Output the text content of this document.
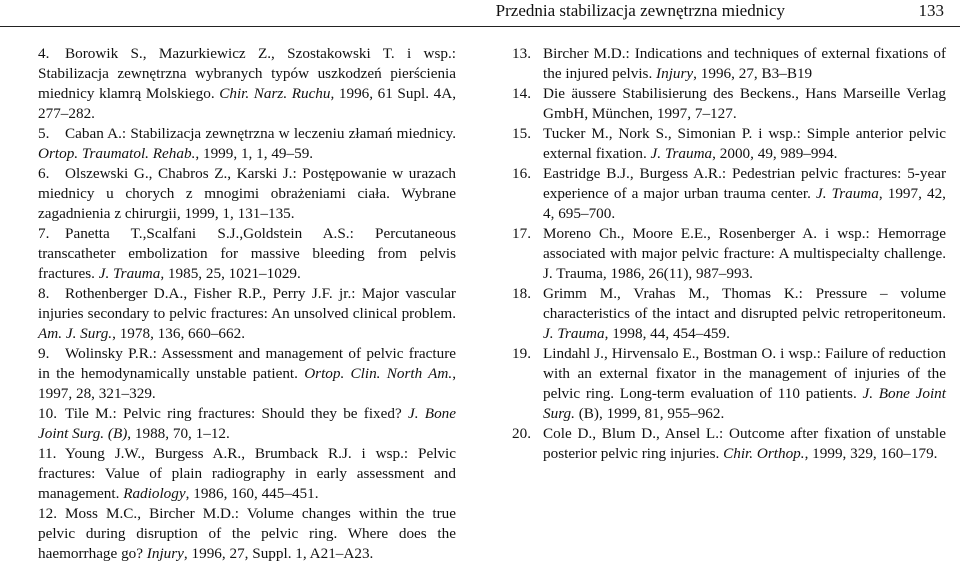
Przednia stabilizacja zewnętrzna miednicy	133

4. Borowik S., Mazurkiewicz Z., Szostakowski T. i wsp.: Stabilizacja zewnętrzna wybranych typów uszkodzeń pierścienia miednicy klamrą Molskiego. Chir. Narz. Ruchu, 1996, 61 Supl. 4A, 277–282.

5. Caban A.: Stabilizacja zewnętrzna w leczeniu złamań miednicy. Ortop. Traumatol. Rehab., 1999, 1, 1, 49–59.

6. Olszewski G., Chabros Z., Karski J.: Postępowanie w urazach miednicy u chorych z mnogimi obrażeniami ciała. Wybrane zagadnienia z chirurgii, 1999, 1, 131–135.

7. Panetta T.,Scalfani S.J.,Goldstein A.S.: Percutaneous transcatheter embolization for massive bleeding from pelvis fractures. J. Trauma, 1985, 25, 1021–1029.

8. Rothenberger D.A., Fisher R.P., Perry J.F. jr.: Major vascular injuries secondary to pelvic fractures: An unsolved clinical problem. Am. J. Surg., 1978, 136, 660–662.

9. Wolinsky P.R.: Assessment and management of pelvic fracture in the hemodynamically unstable patient. Ortop. Clin. North Am., 1997, 28, 321–329.

10. Tile M.: Pelvic ring fractures: Should they be fixed? J. Bone Joint Surg. (B), 1988, 70, 1–12.

11. Young J.W., Burgess A.R., Brumback R.J. i wsp.: Pelvic fractures: Value of plain radiography in early assessment and management. Radiology, 1986, 160, 445–451.

12. Moss M.C., Bircher M.D.: Volume changes within the true pelvic during disruption of the pelvic ring. Where does the haemorrhage go? Injury, 1996, 27, Suppl. 1, A21–A23.

13. Bircher M.D.: Indications and techniques of external fixations of the injured pelvis. Injury, 1996, 27, B3–B19

14. Die äussere Stabilisierung des Beckens., Hans Marseille Verlag GmbH, München, 1997, 7–127.

15. Tucker M., Nork S., Simonian P. i wsp.: Simple anterior pelvic external fixation. J. Trauma, 2000, 49, 989–994.

16. Eastridge B.J., Burgess A.R.: Pedestrian pelvic fractures: 5-year experience of a major urban trauma center. J. Trauma, 1997, 42, 4, 695–700.

17. Moreno Ch., Moore E.E., Rosenberger A. i wsp.: Hemorrage associated with major pelvic fracture: A multispecialty challenge. J. Trauma, 1986, 26(11), 987–993.

18. Grimm M., Vrahas M., Thomas K.: Pressure – volume characteristics of the intact and disrupted pelvic retroperitoneum. J. Trauma, 1998, 44, 454–459.

19. Lindahl J., Hirvensalo E., Bostman O. i wsp.: Failure of reduction with an external fixator in the management of injuries of the pelvic ring. Long-term evaluation of 110 patients. J. Bone Joint Surg. (B), 1999, 81, 955–962.

20. Cole D., Blum D., Ansel L.: Outcome after fixation of unstable posterior pelvic ring injuries. Chir. Orthop., 1999, 329, 160–179.
